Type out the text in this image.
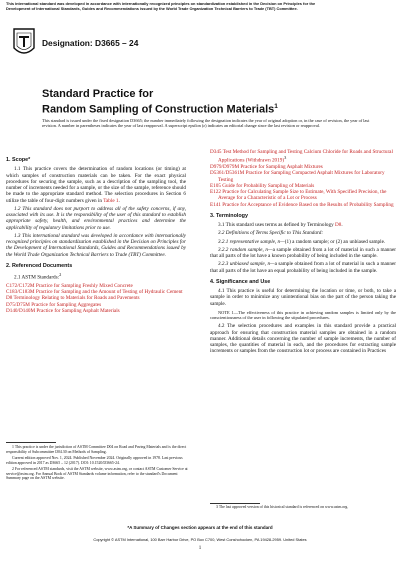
This international standard was developed in accordance with internationally recognized principles on standardization established in the Decision on Principles for the
Development of International Standards, Guides and Recommendations issued by the World Trade Organization Technical Barriers to Trade (TBT) Committee.
Designation: D3665 – 24
Standard Practice for
Random Sampling of Construction Materials$^1$
This standard is issued under the fixed designation D3665; the number immediately following the designation indicates the year of original adoption or, in the case of revision, the year of last revision. A number in parentheses indicates the year of last reapproval. A superscript epsilon (ε) indicates an editorial change since the last revision or reapproval.
1. Scope*

1.1 This practice covers the determination of random locations (or timing) at which samples of construction materials can be taken. For the exact physical procedures for securing the sample, such as a description of the sampling tool, the number of increments needed for a sample, or the size of the sample, reference should be made to the appropriate standard method. The selection procedures in Section 6 utilize the table of four-digit numbers given in Table 1.

1.2 This standard does not purport to address all of the safety concerns, if any, associated with its use. It is the responsibility of the user of this standard to establish appropriate safety, health, and environmental practices and determine the applicability of regulatory limitations prior to use.

1.3 This international standard was developed in accordance with internationally recognized principles on standardization established in the Decision on Principles for the Development of International Standards, Guides and Recommendations issued by the World Trade Organization Technical Barriers to Trade (TBT) Committee.

2. Referenced Documents
2.1 ASTM Standards:$^2$
C172/C172M Practice for Sampling Freshly Mixed Concrete
C183/C183M Practice for Sampling and the Amount of Testing of Hydraulic Cement
D8 Terminology Relating to Materials for Roads and Pavements
D75/D75M Practice for Sampling Aggregates
D140/D140M Practice for Sampling Asphalt Materials
D345 Test Method for Sampling and Testing Calcium Chloride for Roads and Structural Applications (Withdrawn 2019)$^3$
D979/D979M Practice for Sampling Asphalt Mixtures
D5361/D5361M Practice for Sampling Compacted Asphalt Mixtures for Laboratory Testing
E105 Guide for Probability Sampling of Materials
E122 Practice for Calculating Sample Size to Estimate, With Specified Precision, the Average for a Characteristic of a Lot or Process
E141 Practice for Acceptance of Evidence Based on the Results of Probability Sampling
3. Terminology

3.1 This standard uses terms as defined by Terminology D8.

3.2 Definitions of Terms Specific to This Standard:

3.2.1 representative sample, n—(1) a random sample; or (2) an unbiased sample.

3.2.2 random sample, n—a sample obtained from a lot of material in such a manner that all parts of the lot have a known probability of being included in the sample.

3.2.3 unbiased sample, n—a sample obtained from a lot of material in such a manner that all parts of the lot have an equal probability of being included in the sample.

4. Significance and Use

4.1 This practice is useful for determining the location or time, or both, to take a sample in order to minimize any unintentional bias on the part of the person taking the sample.

NOTE 1—The effectiveness of this practice in achieving random samples is limited only by the conscientiousness of the user in following the stipulated procedures.

4.2 The selection procedures and examples in this standard provide a practical approach for ensuring that construction material samples are obtained in a random manner. Additional details concerning the number of sample increments, the number of samples, the quantities of material in each, and the procedures for extracting sample increments or samples from the construction lot or process are contained in Practices

1 This practice is under the jurisdiction of ASTM Committee D04 on Road and Paving Materials and is the direct responsibility of Subcommittee D04.30 on Methods of Sampling.
Current edition approved Nov. 1, 2024. Published November 2024. Originally approved in 1978. Last previous edition approved in 2017 as D3665 – 12 (2017). DOI: 10.1520/D3665-24.
2 For referenced ASTM standards, visit the ASTM website, www.astm.org, or contact ASTM Customer Service at service@astm.org. For Annual Book of ASTM Standards volume information, refer to the standard's Document Summary page on the ASTM website.
3 The last approved version of this historical standard is referenced on www.astm.org.
*A Summary of Changes section appears at the end of this standard
Copyright © ASTM International, 100 Barr Harbor Drive, PO Box C700, West Conshohocken, PA 19428-2959. United States
1
